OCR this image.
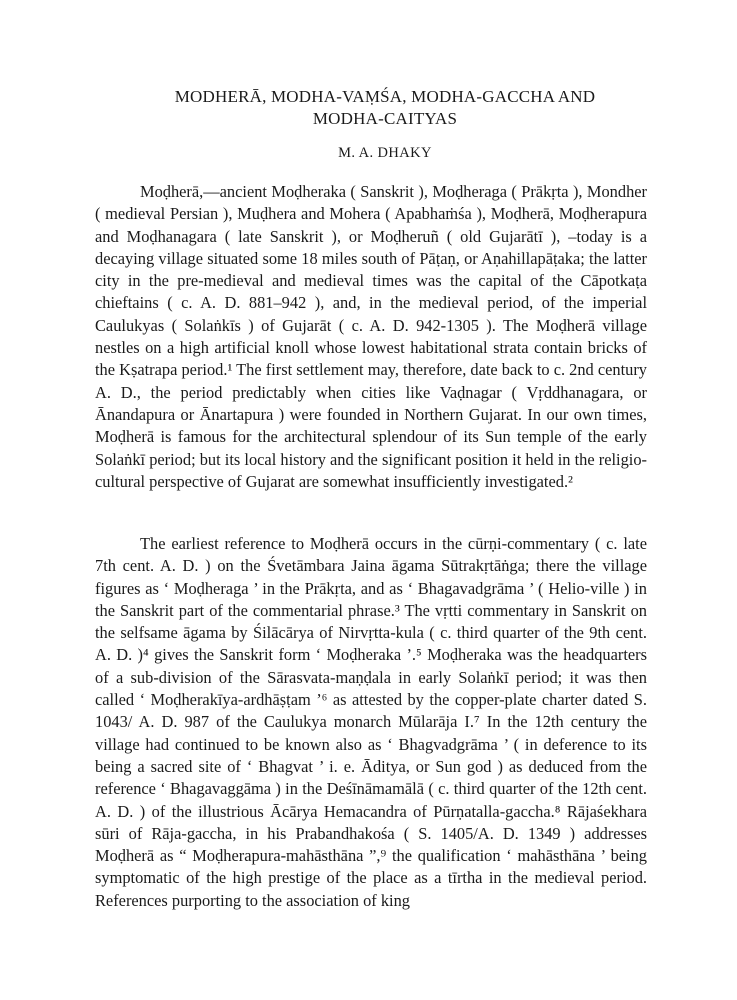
MODHERĀ, MODHA-VAṂŚA, MODHA-GACCHA AND
MODHA-CAITYAS
M. A. DHAKY

Moḍherā,—ancient Moḍheraka ( Sanskrit ), Moḍheraga ( Prākṛta ), Mondher ( medieval Persian ), Muḍhera and Mohera ( Apabhaṁśa ), Moḍherā, Moḍherapura and Moḍhanagara ( late Sanskrit ), or Moḍheruñ ( old Gujarātī ), –today is a decaying village situated some 18 miles south of Pāṭaṇ, or Aṇahillapāṭaka; the latter city in the pre-medieval and medieval times was the capital of the Cāpotkaṭa chieftains ( c. A. D. 881–942 ), and, in the medieval period, of the imperial Caulukyas ( Solaṅkīs ) of Gujarāt ( c. A. D. 942-1305 ). The Moḍherā village nestles on a high artificial knoll whose lowest habitational strata contain bricks of the Kṣatrapa period.¹ The first settlement may, therefore, date back to c. 2nd century A. D., the period predictably when cities like Vaḍnagar ( Vṛddhanagara, or Ānandapura or Ānartapura ) were founded in Northern Gujarat. In our own times, Moḍherā is famous for the architectural splendour of its Sun temple of the early Solaṅkī period; but its local history and the significant position it held in the religio-cultural perspective of Gujarat are somewhat insufficiently investigated.²

The earliest reference to Moḍherā occurs in the cūrṇi-commentary ( c. late 7th cent. A. D. ) on the Śvetāmbara Jaina āgama Sūtrakṛtāṅga; there the village figures as ‘ Moḍheraga ’ in the Prākṛta, and as ‘ Bhagavadgrāma ’ ( Helio-ville ) in the Sanskrit part of the commentarial phrase.³ The vṛtti commentary in Sanskrit on the selfsame āgama by Śilācārya of Nirvṛtta-kula ( c. third quarter of the 9th cent. A. D. )⁴ gives the Sanskrit form ‘ Moḍheraka ’.⁵ Moḍheraka was the headquarters of a sub-division of the Sārasvata-maṇḍala in early Solaṅkī period; it was then called ‘ Moḍherakīya-ardhāṣṭam ’⁶ as attested by the copper-plate charter dated S. 1043/ A. D. 987 of the Caulukya monarch Mūlarāja I.⁷ In the 12th century the village had continued to be known also as ‘ Bhagvadgrāma ’ ( in deference to its being a sacred site of ‘ Bhagvat ’ i. e. Āditya, or Sun god ) as deduced from the reference ‘ Bhagavaggāma ) in the Deśīnāmamālā ( c. third quarter of the 12th cent. A. D. ) of the illustrious Ācārya Hemacandra of Pūrṇatalla-gaccha.⁸ Rājaśekhara sūri of Rāja-gaccha, in his Prabandhakośa ( S. 1405/A. D. 1349 ) addresses Moḍherā as “ Moḍherapura-mahāsthāna ”,⁹ the qualification ‘ mahāsthāna ’ being symptomatic of the high prestige of the place as a tīrtha in the medieval period. References purporting to the association of king
